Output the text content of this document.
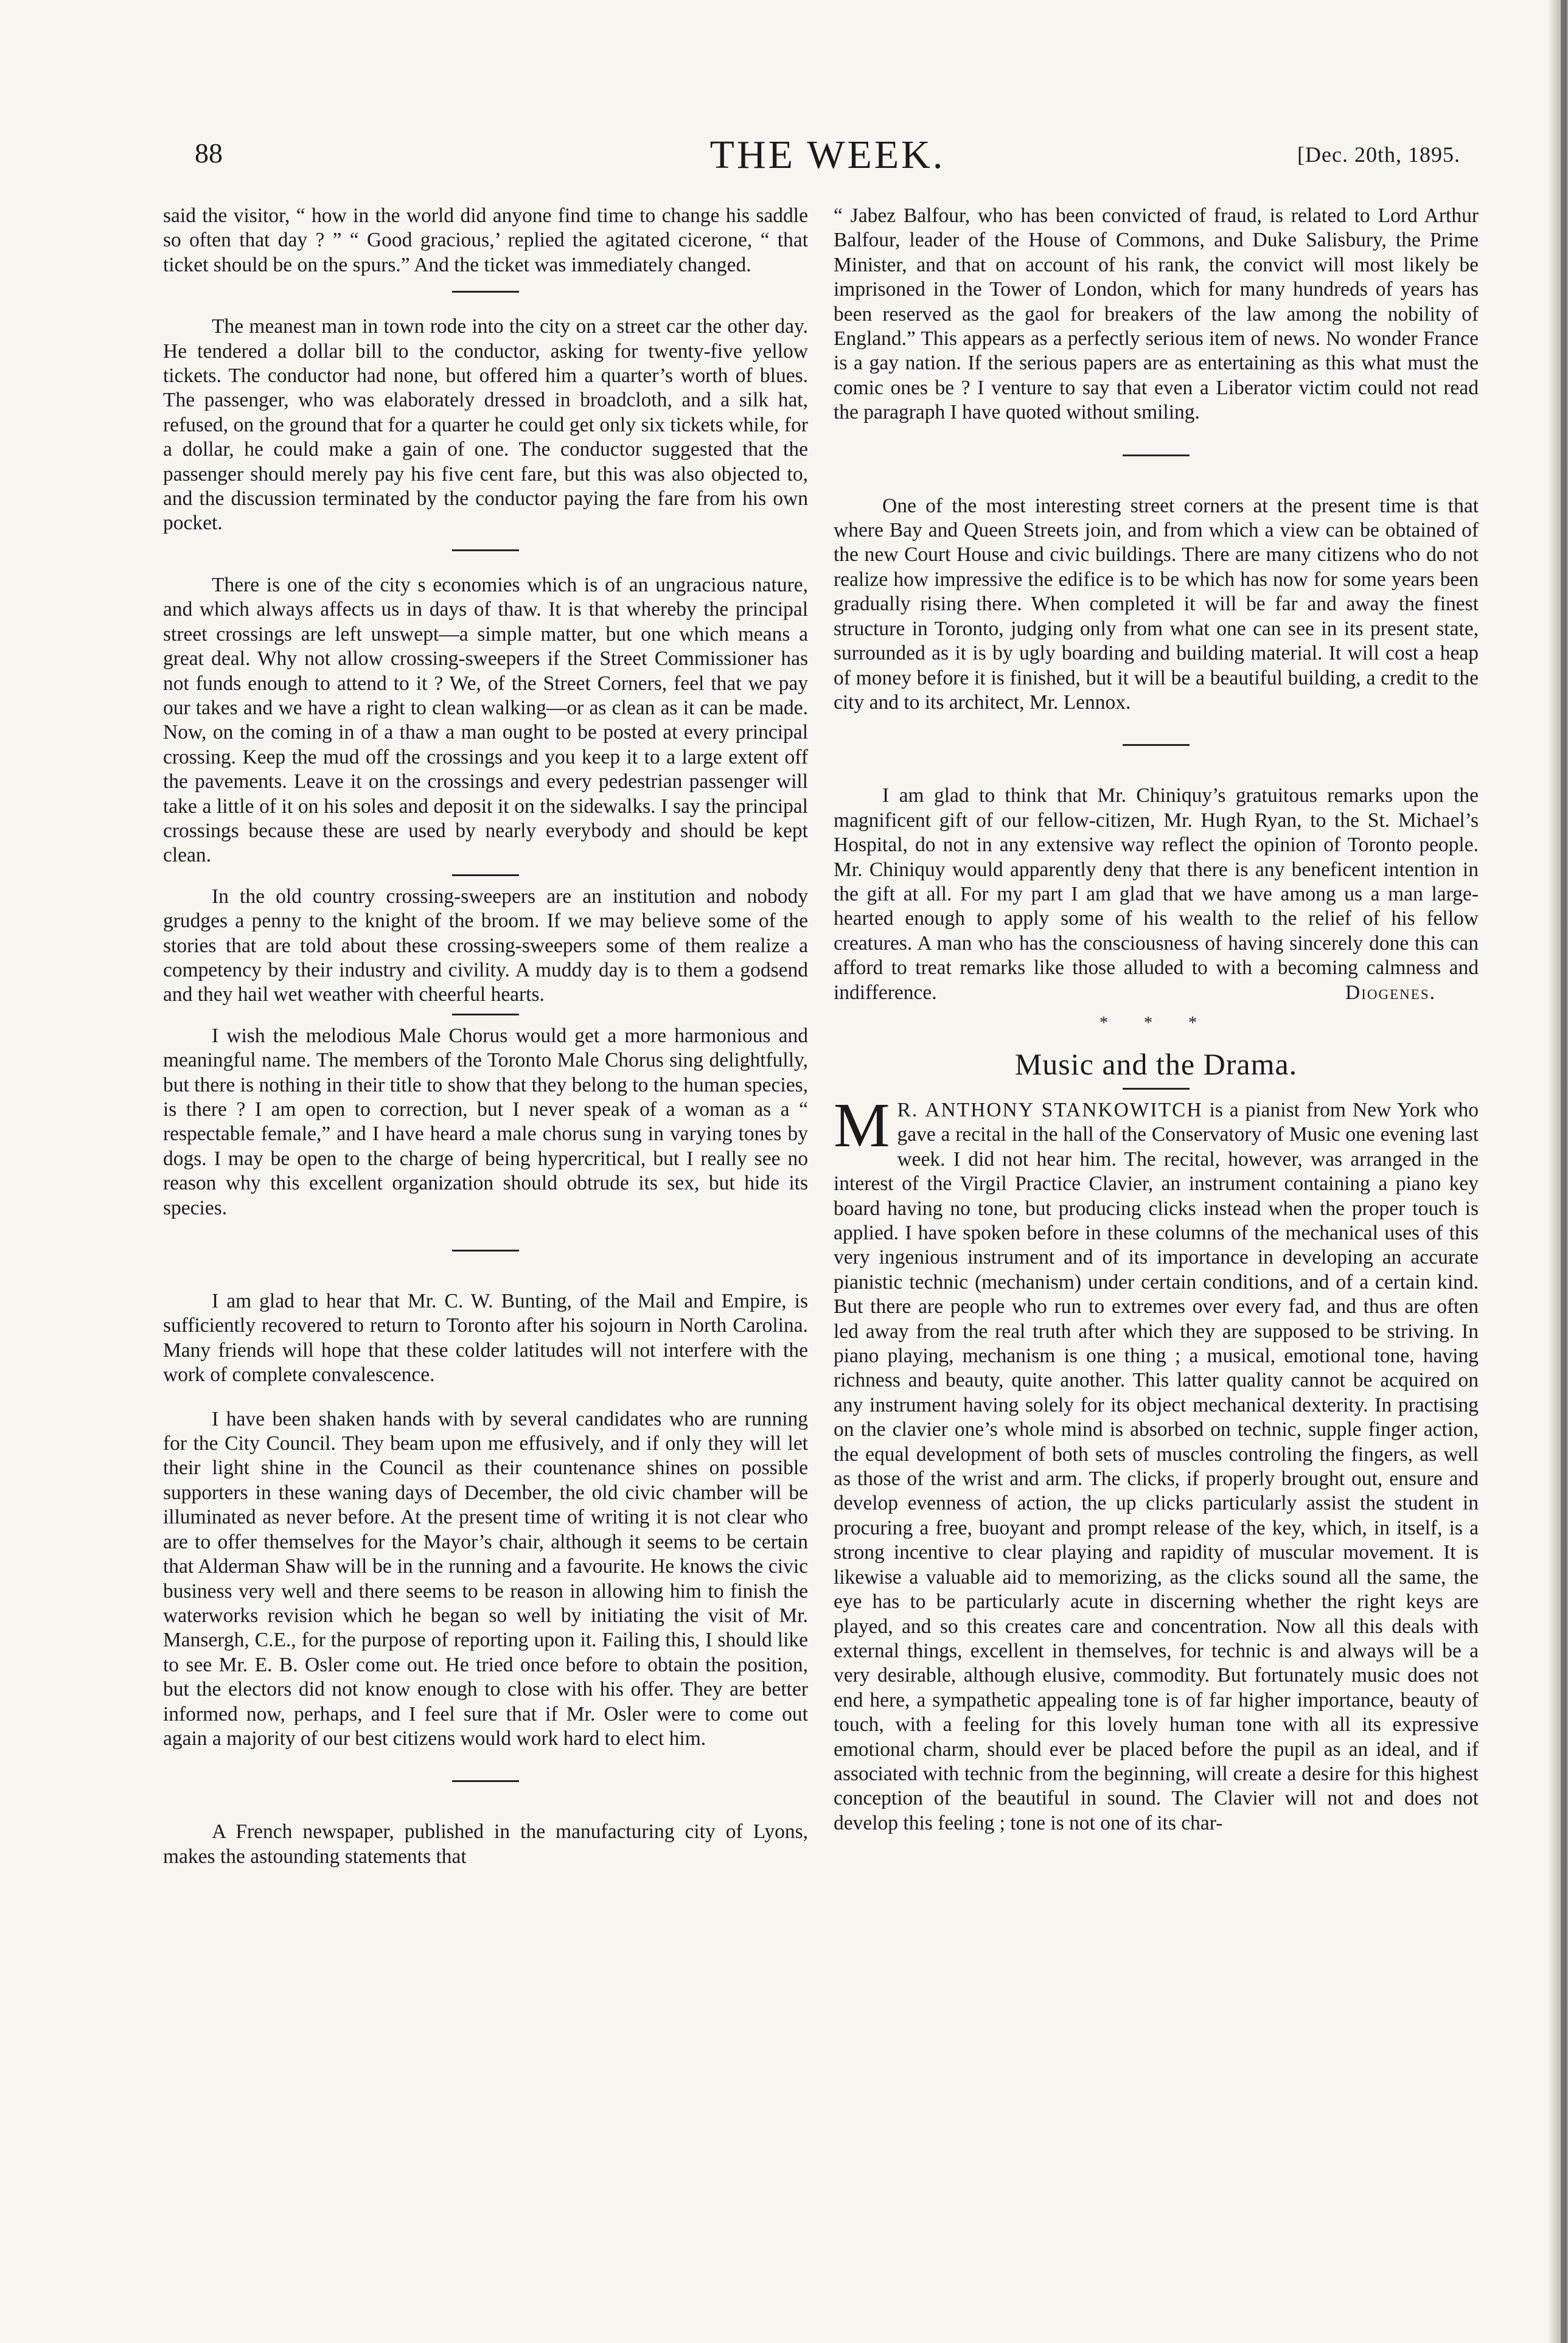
88	THE WEEK.	[Dec. 20th, 1895.

said the visitor, “ how in the world did anyone find time to change his saddle so often that day ? ” “ Good gracious,’ replied the agitated cicerone, “ that ticket should be on the spurs.” And the ticket was immediately changed.

The meanest man in town rode into the city on a street car the other day. He tendered a dollar bill to the conductor, asking for twenty-five yellow tickets. The conductor had none, but offered him a quarter’s worth of blues. The passenger, who was elaborately dressed in broadcloth, and a silk hat, refused, on the ground that for a quarter he could get only six tickets while, for a dollar, he could make a gain of one. The conductor suggested that the passenger should merely pay his five cent fare, but this was also objected to, and the discussion terminated by the conductor paying the fare from his own pocket.

There is one of the city s economies which is of an ungracious nature, and which always affects us in days of thaw. It is that whereby the principal street crossings are left unswept—a simple matter, but one which means a great deal. Why not allow crossing-sweepers if the Street Commissioner has not funds enough to attend to it ? We, of the Street Corners, feel that we pay our takes and we have a right to clean walking—or as clean as it can be made. Now, on the coming in of a thaw a man ought to be posted at every principal crossing. Keep the mud off the crossings and you keep it to a large extent off the pavements. Leave it on the crossings and every pedestrian passenger will take a little of it on his soles and deposit it on the sidewalks. I say the principal crossings because these are used by nearly everybody and should be kept clean.

In the old country crossing-sweepers are an institution and nobody grudges a penny to the knight of the broom. If we may believe some of the stories that are told about these crossing-sweepers some of them realize a competency by their industry and civility. A muddy day is to them a godsend and they hail wet weather with cheerful hearts.

I wish the melodious Male Chorus would get a more harmonious and meaningful name. The members of the Toronto Male Chorus sing delightfully, but there is nothing in their title to show that they belong to the human species, is there ? I am open to correction, but I never speak of a woman as a “ respectable female,” and I have heard a male chorus sung in varying tones by dogs. I may be open to the charge of being hypercritical, but I really see no reason why this excellent organization should obtrude its sex, but hide its species.

I am glad to hear that Mr. C. W. Bunting, of the Mail and Empire, is sufficiently recovered to return to Toronto after his sojourn in North Carolina. Many friends will hope that these colder latitudes will not interfere with the work of complete convalescence.

I have been shaken hands with by several candidates who are running for the City Council. They beam upon me effusively, and if only they will let their light shine in the Council as their countenance shines on possible supporters in these waning days of December, the old civic chamber will be illuminated as never before. At the present time of writing it is not clear who are to offer themselves for the Mayor’s chair, although it seems to be certain that Alderman Shaw will be in the running and a favourite. He knows the civic business very well and there seems to be reason in allowing him to finish the waterworks revision which he began so well by initiating the visit of Mr. Mansergh, C.E., for the purpose of reporting upon it. Failing this, I should like to see Mr. E. B. Osler come out. He tried once before to obtain the position, but the electors did not know enough to close with his offer. They are better informed now, perhaps, and I feel sure that if Mr. Osler were to come out again a majority of our best citizens would work hard to elect him.

A French newspaper, published in the manufacturing city of Lyons, makes the astounding statements that

“ Jabez Balfour, who has been convicted of fraud, is related to Lord Arthur Balfour, leader of the House of Commons, and Duke Salisbury, the Prime Minister, and that on account of his rank, the convict will most likely be imprisoned in the Tower of London, which for many hundreds of years has been reserved as the gaol for breakers of the law among the nobility of England.” This appears as a perfectly serious item of news. No wonder France is a gay nation. If the serious papers are as entertaining as this what must the comic ones be ? I venture to say that even a Liberator victim could not read the paragraph I have quoted without smiling.

One of the most interesting street corners at the present time is that where Bay and Queen Streets join, and from which a view can be obtained of the new Court House and civic buildings. There are many citizens who do not realize how impressive the edifice is to be which has now for some years been gradually rising there. When completed it will be far and away the finest structure in Toronto, judging only from what one can see in its present state, surrounded as it is by ugly boarding and building material. It will cost a heap of money before it is finished, but it will be a beautiful building, a credit to the city and to its architect, Mr. Lennox.

I am glad to think that Mr. Chiniquy’s gratuitous remarks upon the magnificent gift of our fellow-citizen, Mr. Hugh Ryan, to the St. Michael’s Hospital, do not in any extensive way reflect the opinion of Toronto people. Mr. Chiniquy would apparently deny that there is any beneficent intention in the gift at all. For my part I am glad that we have among us a man large-hearted enough to apply some of his wealth to the relief of his fellow creatures. A man who has the consciousness of having sincerely done this can afford to treat remarks like those alluded to with a becoming calmness and indifference.	Diogenes.

* * *
Music and the Drama.

M R. ANTHONY STANKOWITCH is a pianist from New York who gave a recital in the hall of the Conservatory of Music one evening last week. I did not hear him. The recital, however, was arranged in the interest of the Virgil Practice Clavier, an instrument containing a piano key board having no tone, but producing clicks instead when the proper touch is applied. I have spoken before in these columns of the mechanical uses of this very ingenious instrument and of its importance in developing an accurate pianistic technic (mechanism) under certain conditions, and of a certain kind. But there are people who run to extremes over every fad, and thus are often led away from the real truth after which they are supposed to be striving. In piano playing, mechanism is one thing ; a musical, emotional tone, having richness and beauty, quite another. This latter quality cannot be acquired on any instrument having solely for its object mechanical dexterity. In practising on the clavier one’s whole mind is absorbed on technic, supple finger action, the equal development of both sets of muscles controling the fingers, as well as those of the wrist and arm. The clicks, if properly brought out, ensure and develop evenness of action, the up clicks particularly assist the student in procuring a free, buoyant and prompt release of the key, which, in itself, is a strong incentive to clear playing and rapidity of muscular movement. It is likewise a valuable aid to memorizing, as the clicks sound all the same, the eye has to be particularly acute in discerning whether the right keys are played, and so this creates care and concentration. Now all this deals with external things, excellent in themselves, for technic is and always will be a very desirable, although elusive, commodity. But fortunately music does not end here, a sympathetic appealing tone is of far higher importance, beauty of touch, with a feeling for this lovely human tone with all its expressive emotional charm, should ever be placed before the pupil as an ideal, and if associated with technic from the beginning, will create a desire for this highest conception of the beautiful in sound. The Clavier will not and does not develop this feeling ; tone is not one of its char-
